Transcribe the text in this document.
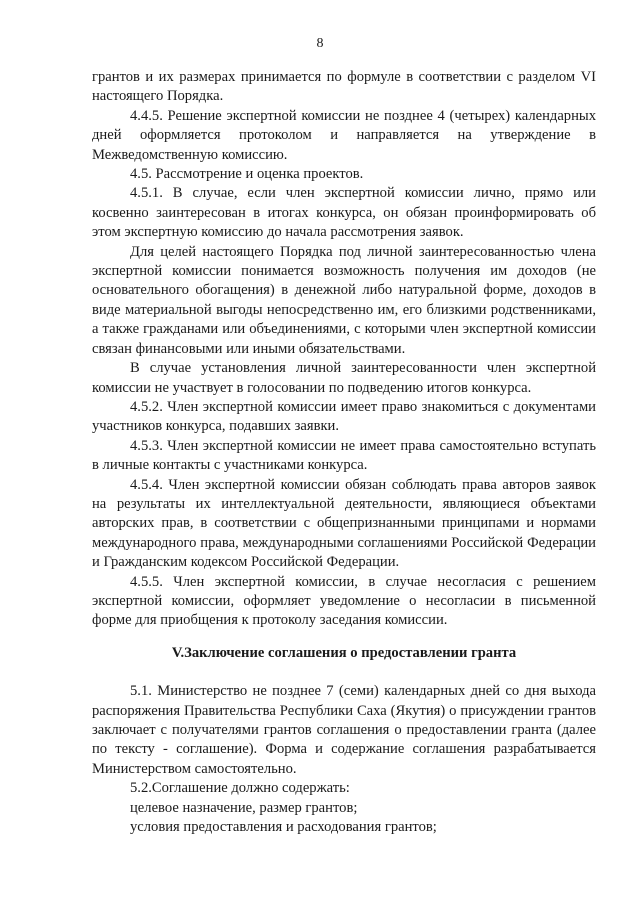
8

грантов и их размерах принимается по формуле в соответствии с разделом VI настоящего Порядка.

4.4.5. Решение экспертной комиссии не позднее 4 (четырех) календарных дней оформляется протоколом и направляется на утверждение в Межведомственную комиссию.

4.5. Рассмотрение и оценка проектов.

4.5.1. В случае, если член экспертной комиссии лично, прямо или косвенно заинтересован в итогах конкурса, он обязан проинформировать об этом экспертную комиссию до начала рассмотрения заявок.

Для целей настоящего Порядка под личной заинтересованностью члена экспертной комиссии понимается возможность получения им доходов (не основательного обогащения) в денежной либо натуральной форме, доходов в виде материальной выгоды непосредственно им, его близкими родственниками, а также гражданами или объединениями, с которыми член экспертной комиссии связан финансовыми или иными обязательствами.

В случае установления личной заинтересованности член экспертной комиссии не участвует в голосовании по подведению итогов конкурса.

4.5.2. Член экспертной комиссии имеет право знакомиться с документами участников конкурса, подавших заявки.

4.5.3. Член экспертной комиссии не имеет права самостоятельно вступать в личные контакты с участниками конкурса.

4.5.4. Член экспертной комиссии обязан соблюдать права авторов заявок на результаты их интеллектуальной деятельности, являющиеся объектами авторских прав, в соответствии с общепризнанными принципами и нормами международного права, международными соглашениями Российской Федерации и Гражданским кодексом Российской Федерации.

4.5.5. Член экспертной комиссии, в случае несогласия с решением экспертной комиссии, оформляет уведомление о несогласии в письменной форме для приобщения к протоколу заседания комиссии.

V.Заключение соглашения о предоставлении гранта

5.1. Министерство не позднее 7 (семи) календарных дней со дня выхода распоряжения Правительства Республики Саха (Якутия) о присуждении грантов заключает с получателями грантов соглашения о предоставлении гранта (далее по тексту - соглашение). Форма и содержание соглашения разрабатывается Министерством самостоятельно.

5.2.Соглашение должно содержать:

целевое назначение, размер грантов;

условия предоставления и расходования грантов;
